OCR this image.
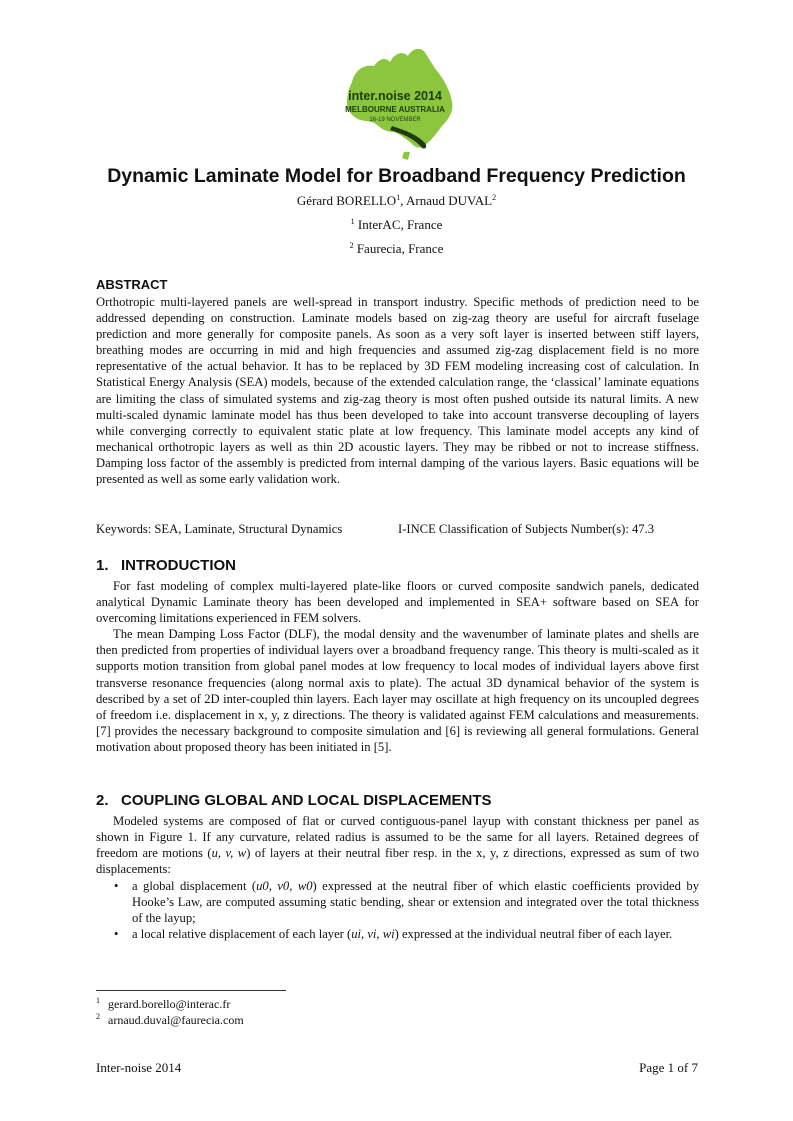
inter.noise 2014
MELBOURNE AUSTRALIA
16-19 NOVEMBER
Dynamic Laminate Model for Broadband Frequency Prediction
Gérard BORELLO$^1$, Arnaud DUVAL$^2$
$^1$ InterAC, France
$^2$ Faurecia, France
ABSTRACT
Orthotropic multi-layered panels are well-spread in transport industry. Specific methods of prediction need to be addressed depending on construction. Laminate models based on zig-zag theory are useful for aircraft fuselage prediction and more generally for composite panels. As soon as a very soft layer is inserted between stiff layers, breathing modes are occurring in mid and high frequencies and assumed zig-zag displacement field is no more representative of the actual behavior. It has to be replaced by 3D FEM modeling increasing cost of calculation. In Statistical Energy Analysis (SEA) models, because of the extended calculation range, the ‘classical’ laminate equations are limiting the class of simulated systems and zig-zag theory is most often pushed outside its natural limits. A new multi-scaled dynamic laminate model has thus been developed to take into account transverse decoupling of layers while converging correctly to equivalent static plate at low frequency. This laminate model accepts any kind of mechanical orthotropic layers as well as thin 2D acoustic layers. They may be ribbed or not to increase stiffness. Damping loss factor of the assembly is predicted from internal damping of the various layers. Basic equations will be presented as well as some early validation work.
Keywords: SEA, Laminate, Structural Dynamics	I-INCE Classification of Subjects Number(s): 47.3
1. INTRODUCTION

For fast modeling of complex multi-layered plate-like floors or curved composite sandwich panels, dedicated analytical Dynamic Laminate theory has been developed and implemented in SEA+ software based on SEA for overcoming limitations experienced in FEM solvers.

The mean Damping Loss Factor (DLF), the modal density and the wavenumber of laminate plates and shells are then predicted from properties of individual layers over a broadband frequency range. This theory is multi-scaled as it supports motion transition from global panel modes at low frequency to local modes of individual layers above first transverse resonance frequencies (along normal axis to plate). The actual 3D dynamical behavior of the system is described by a set of 2D inter-coupled thin layers. Each layer may oscillate at high frequency on its uncoupled degrees of freedom i.e. displacement in x, y, z directions. The theory is validated against FEM calculations and measurements. [7] provides the necessary background to composite simulation and [6] is reviewing all general formulations. General motivation about proposed theory has been initiated in [5].

2. COUPLING GLOBAL AND LOCAL DISPLACEMENTS

Modeled systems are composed of flat or curved contiguous-panel layup with constant thickness per panel as shown in Figure 1. If any curvature, related radius is assumed to be the same for all layers. Retained degrees of freedom are motions (u, v, w) of layers at their neutral fiber resp. in the x, y, z directions, expressed as sum of two displacements:

• a global displacement (u0, v0, w0) expressed at the neutral fiber of which elastic coefficients provided by Hooke’s Law, are computed assuming static bending, shear or extension and integrated over the total thickness of the layup;
• a local relative displacement of each layer (ui, vi, wi) expressed at the individual neutral fiber of each layer.
$^1$ gerard.borello@interac.fr
$^2$ arnaud.duval@faurecia.com
Inter-noise 2014	Page 1 of 7
